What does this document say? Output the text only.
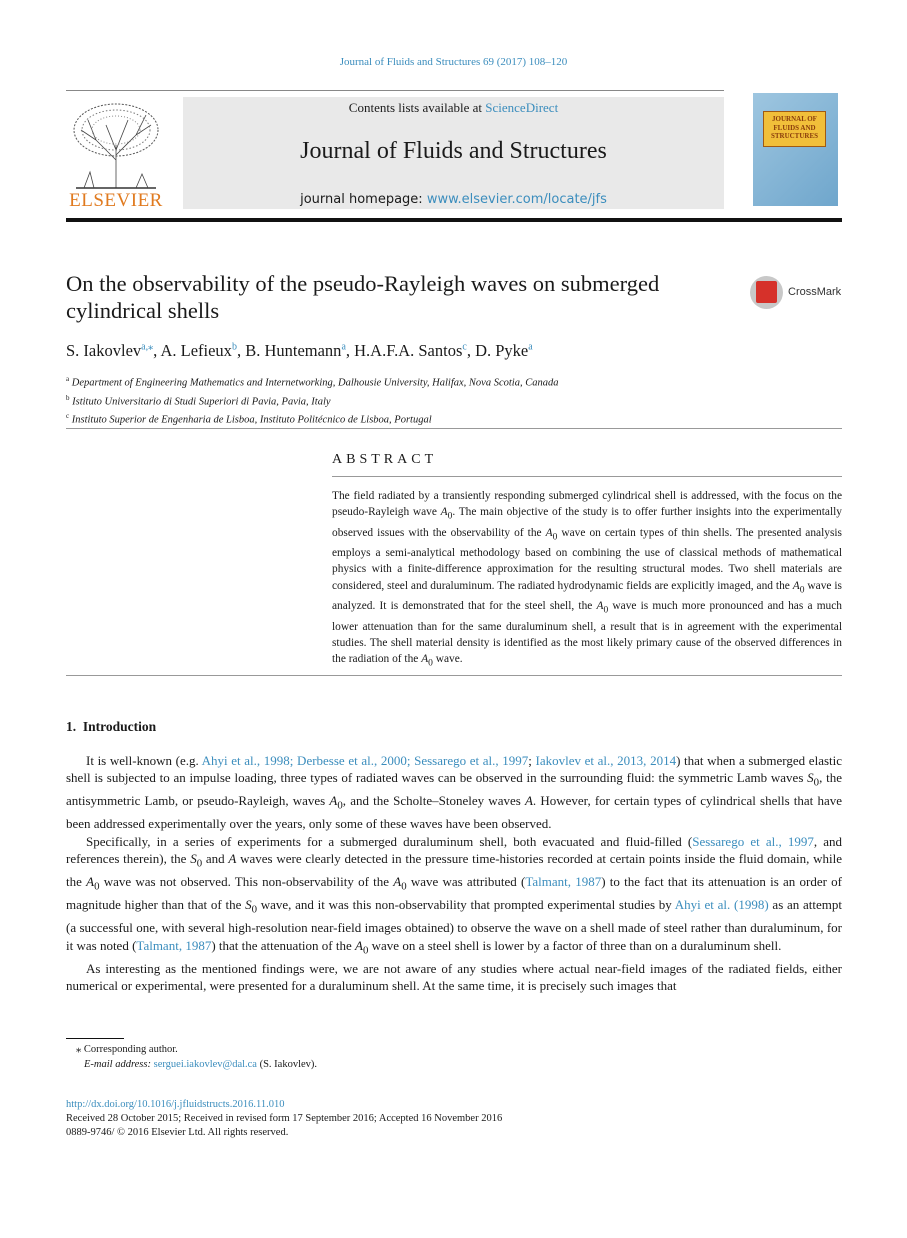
Journal of Fluids and Structures 69 (2017) 108–120
ELSEVIER
Contents lists available at ScienceDirect
Journal of Fluids and Structures
journal homepage: www.elsevier.com/locate/jfs
JOURNAL OF FLUIDS AND STRUCTURES
On the observability of the pseudo-Rayleigh waves on submerged
cylindrical shells
CrossMark
S. Iakovlev$^{a,⁎}$, A. Lefieux$^b$, B. Huntemann$^a$, H.A.F.A. Santos$^c$, D. Pyke$^a$
$^a$ Department of Engineering Mathematics and Internetworking, Dalhousie University, Halifax, Nova Scotia, Canada
$^b$ Istituto Universitario di Studi Superiori di Pavia, Pavia, Italy
$^c$ Instituto Superior de Engenharia de Lisboa, Instituto Politécnico de Lisboa, Portugal
ABSTRACT
The field radiated by a transiently responding submerged cylindrical shell is addressed, with the focus on the pseudo-Rayleigh wave $A_0$. The main objective of the study is to offer further insights into the experimentally observed issues with the observability of the $A_0$ wave on certain types of thin shells. The presented analysis employs a semi-analytical methodology based on combining the use of classical methods of mathematical physics with a finite-difference approximation for the resulting structural modes. Two shell materials are considered, steel and duraluminum. The radiated hydrodynamic fields are explicitly imaged, and the $A_0$ wave is analyzed. It is demonstrated that for the steel shell, the $A_0$ wave is much more pronounced and has a much lower attenuation than for the same duraluminum shell, a result that is in agreement with the experimental studies. The shell material density is identified as the most likely primary cause of the observed differences in the radiation of the $A_0$ wave.
1. Introduction

It is well-known (e.g. Ahyi et al., 1998; Derbesse et al., 2000; Sessarego et al., 1997; Iakovlev et al., 2013, 2014) that when a submerged elastic shell is subjected to an impulse loading, three types of radiated waves can be observed in the surrounding fluid: the symmetric Lamb waves $S_0$, the antisymmetric Lamb, or pseudo-Rayleigh, waves $A_0$, and the Scholte–Stoneley waves A. However, for certain types of cylindrical shells that have been addressed experimentally over the years, only some of these waves have been observed.

Specifically, in a series of experiments for a submerged duraluminum shell, both evacuated and fluid-filled (Sessarego et al., 1997, and references therein), the $S_0$ and A waves were clearly detected in the pressure time-histories recorded at certain points inside the fluid domain, while the $A_0$ wave was not observed. This non-observability of the $A_0$ wave was attributed (Talmant, 1987) to the fact that its attenuation is an order of magnitude higher than that of the $S_0$ wave, and it was this non-observability that prompted experimental studies by Ahyi et al. (1998) as an attempt (a successful one, with several high-resolution near-field images obtained) to observe the wave on a shell made of steel rather than duraluminum, for it was noted (Talmant, 1987) that the attenuation of the $A_0$ wave on a steel shell is lower by a factor of three than on a duraluminum shell.

As interesting as the mentioned findings were, we are not aware of any studies where actual near-field images of the radiated fields, either numerical or experimental, were presented for a duraluminum shell. At the same time, it is precisely such images that

⁎ Corresponding author.
E-mail address: serguei.iakovlev@dal.ca (S. Iakovlev).
http://dx.doi.org/10.1016/j.jfluidstructs.2016.11.010
Received 28 October 2015; Received in revised form 17 September 2016; Accepted 16 November 2016
0889-9746/ © 2016 Elsevier Ltd. All rights reserved.
